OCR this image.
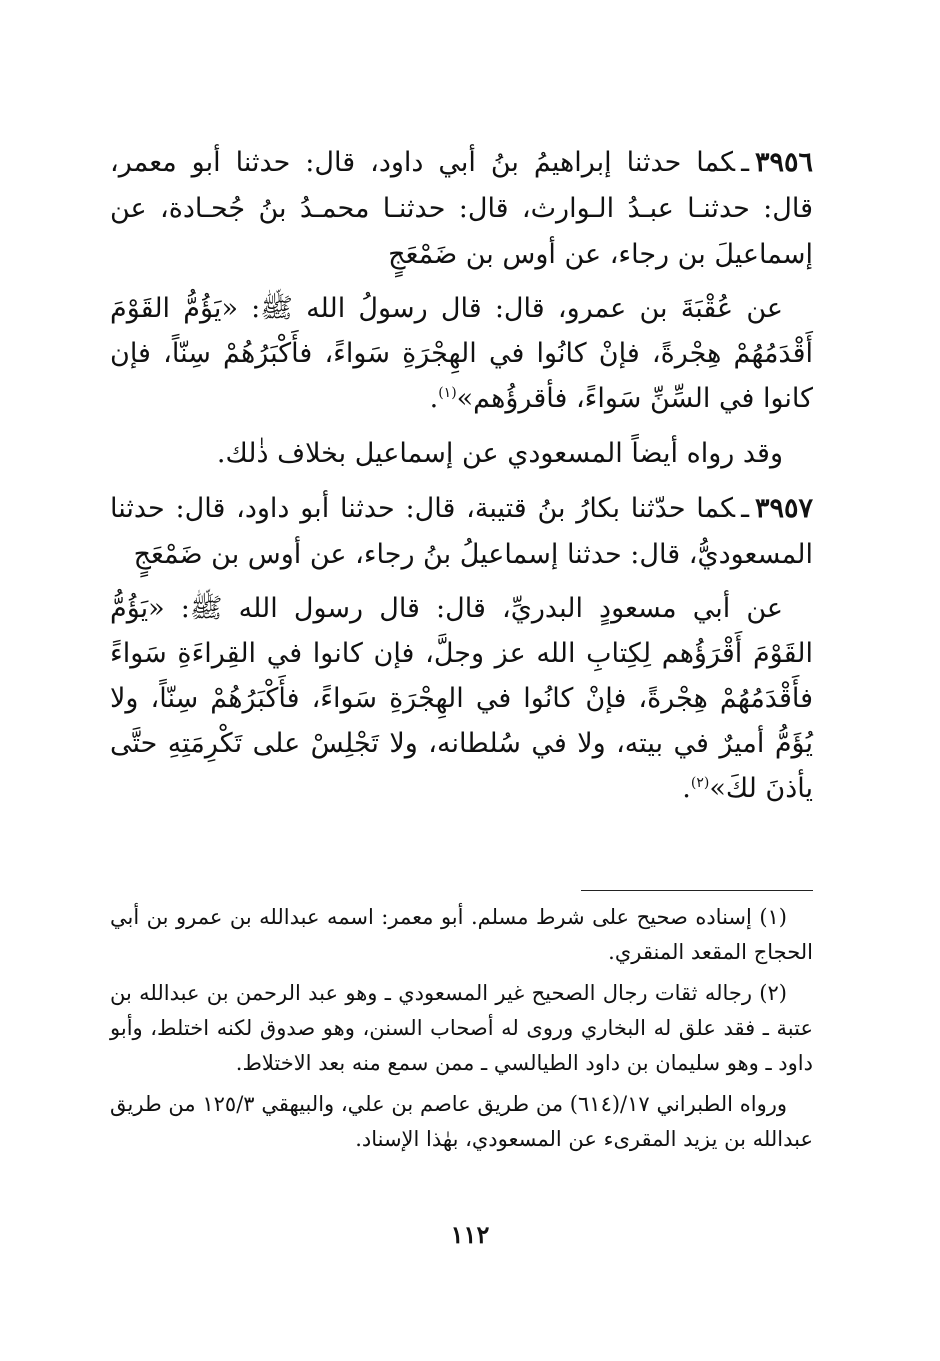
٣٩٥٦ـكما حدثنا إبراهيمُ بنُ أبي داود، قال: حدثنا أبو معمر، قال: حدثنـا عبـدُ الـوارث، قال: حدثنـا محمـدُ بنُ جُحـادة، عن إسماعيلَ بن رجاء، عن أوس بن ضَمْعَجٍ

عن عُقْبَةَ بن عمرو، قال: قال رسولُ الله ﷺ: «يَؤُمُّ القَوْمَ أَقْدَمُهُمْ هِجْرةً، فإنْ كانُوا في الهِجْرَةِ سَواءً، فأَكْبَرُهُمْ سِنّاً، فإن كانوا في السِّنِّ سَواءً، فأقرؤُهم»$^{(١)}$.

وقد رواه أيضاً المسعودي عن إسماعيل بخلاف ذٰلك.

٣٩٥٧ـكما حدّثنا بكارُ بنُ قتيبة، قال: حدثنا أبو داود، قال: حدثنا المسعوديُّ، قال: حدثنا إسماعيلُ بنُ رجاء، عن أوس بن ضَمْعَجٍ

عن أبي مسعودٍ البدريِّ، قال: قال رسول الله ﷺ: «يَؤُمُّ القَوْمَ أَقْرَؤُهم لِكِتابِ الله عز وجلَّ، فإن كانوا في القِراءَةِ سَواءً فأَقْدَمُهُمْ هِجْرةً، فإنْ كانُوا في الهِجْرَةِ سَواءً، فأَكْبَرُهُمْ سِنّاً، ولا يُؤَمُّ أميرٌ في بيته، ولا في سُلطانه، ولا تَجْلِسْ على تَكْرِمَتِهِ حتَّى يأذنَ لكَ»$^{(٢)}$.

(١) إسناده صحيح على شرط مسلم. أبو معمر: اسمه عبدالله بن عمرو بن أبي الحجاج المقعد المنقري.

(٢) رجاله ثقات رجال الصحيح غير المسعودي ـ وهو عبد الرحمن بن عبدالله بن عتبة ـ فقد علق له البخاري وروى له أصحاب السنن، وهو صدوق لكنه اختلط، وأبو داود ـ وهو سليمان بن داود الطيالسي ـ ممن سمع منه بعد الاختلاط.

ورواه الطبراني ١٧/(٦١٤) من طريق عاصم بن علي، والبيهقي ١٢٥/٣ من طريق عبدالله بن يزيد المقرىء عن المسعودي، بهٰذا الإسناد.

١١٢
